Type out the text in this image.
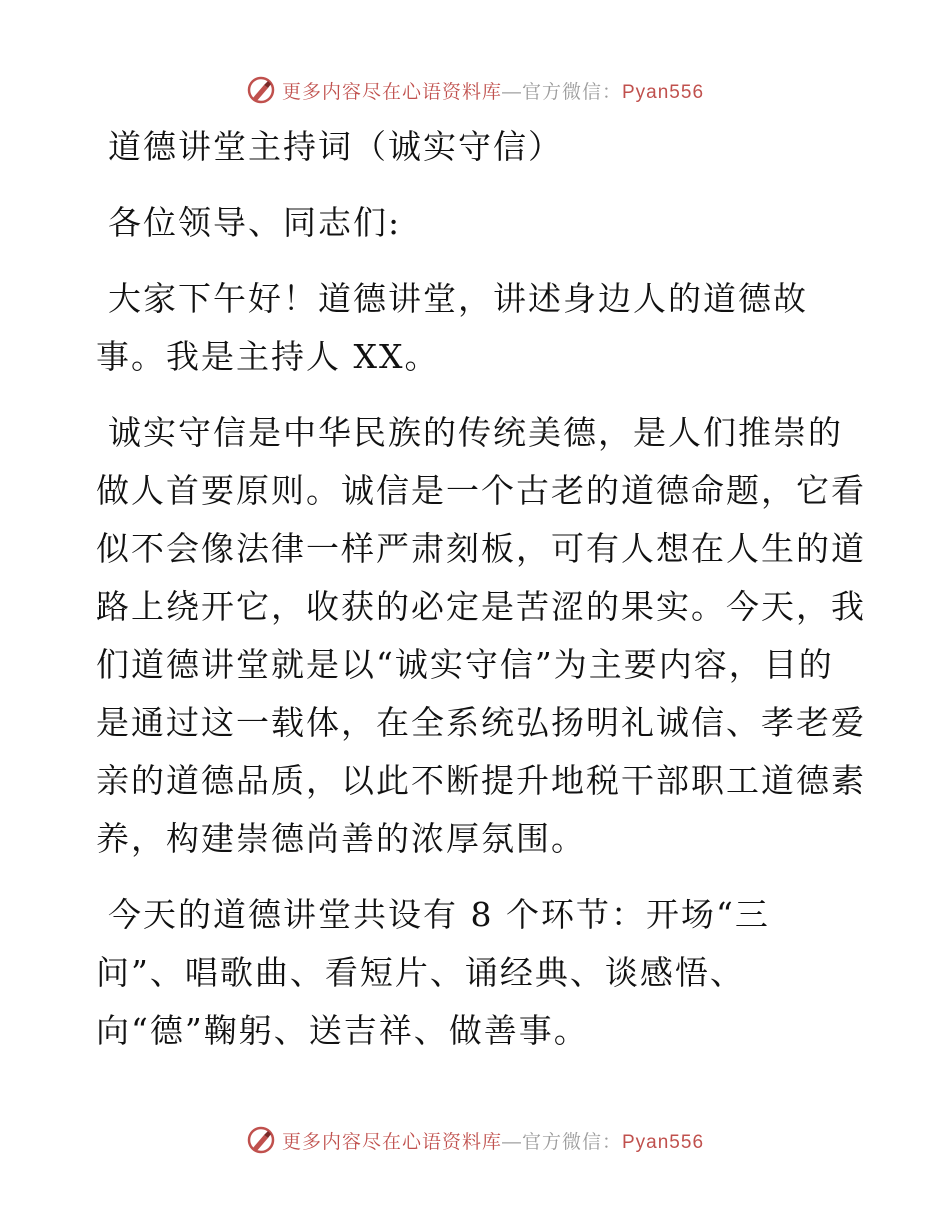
更多内容尽在心语资料库—官方微信：Pyan556
道德讲堂主持词（诚实守信）
各位领导、同志们:
大家下午好！道德讲堂，讲述身边人的道德故
事。我是主持人 XX。
诚实守信是中华民族的传统美德，是人们推崇的
做人首要原则。诚信是一个古老的道德命题，它看
似不会像法律一样严肃刻板，可有人想在人生的道
路上绕开它，收获的必定是苦涩的果实。今天，我
们道德讲堂就是以“诚实守信”为主要内容，目的
是通过这一载体，在全系统弘扬明礼诚信、孝老爱
亲的道德品质，以此不断提升地税干部职工道德素
养，构建崇德尚善的浓厚氛围。
今天的道德讲堂共设有 8 个环节：开场“三
问”、唱歌曲、看短片、诵经典、谈感悟、
向“德”鞠躬、送吉祥、做善事。
更多内容尽在心语资料库—官方微信：Pyan556
